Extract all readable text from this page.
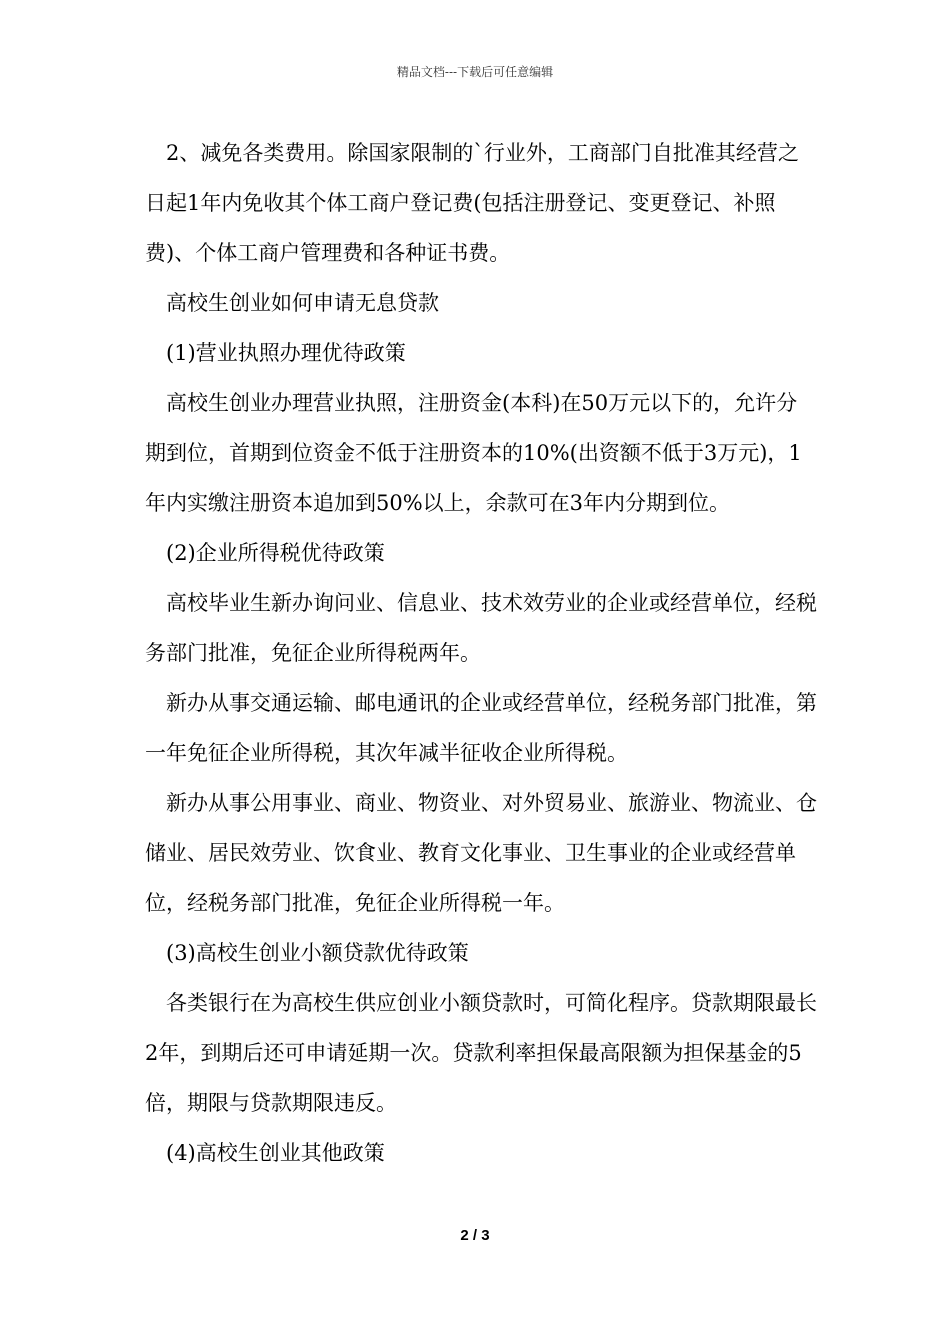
精品文档---下载后可任意编辑

2、减免各类费用。除国家限制的`行业外，工商部门自批准其经营之日起1年内免收其个体工商户登记费(包括注册登记、变更登记、补照费)、个体工商户管理费和各种证书费。

高校生创业如何申请无息贷款

(1)营业执照办理优待政策

高校生创业办理营业执照，注册资金(本科)在50万元以下的，允许分期到位，首期到位资金不低于注册资本的10%(出资额不低于3万元)，1年内实缴注册资本追加到50%以上，余款可在3年内分期到位。

(2)企业所得税优待政策

高校毕业生新办询问业、信息业、技术效劳业的企业或经营单位，经税务部门批准，免征企业所得税两年。

新办从事交通运输、邮电通讯的企业或经营单位，经税务部门批准，第一年免征企业所得税，其次年减半征收企业所得税。

新办从事公用事业、商业、物资业、对外贸易业、旅游业、物流业、仓储业、居民效劳业、饮食业、教育文化事业、卫生事业的企业或经营单位，经税务部门批准，免征企业所得税一年。

(3)高校生创业小额贷款优待政策

各类银行在为高校生供应创业小额贷款时，可简化程序。贷款期限最长2年，到期后还可申请延期一次。贷款利率担保最高限额为担保基金的5倍，期限与贷款期限违反。

(4)高校生创业其他政策

2 / 3
